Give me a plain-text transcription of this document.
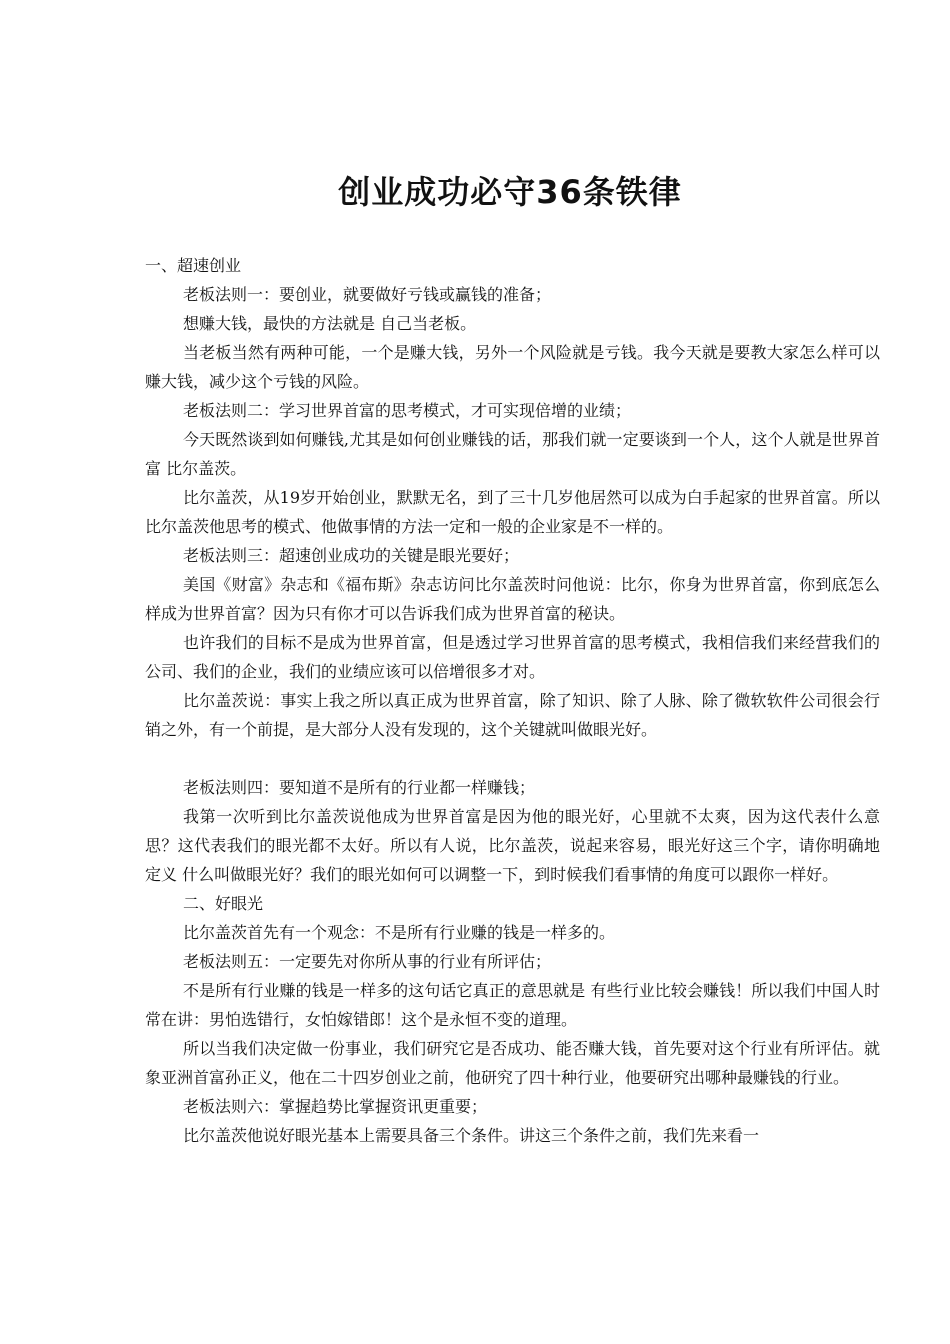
创业成功必守36条铁律

一、超速创业

老板法则一：要创业，就要做好亏钱或赢钱的准备；

想赚大钱，最快的方法就是 自己当老板。

当老板当然有两种可能，一个是赚大钱，另外一个风险就是亏钱。我今天就是要教大家怎么样可以赚大钱，减少这个亏钱的风险。

老板法则二：学习世界首富的思考模式，才可实现倍增的业绩；

今天既然谈到如何赚钱,尤其是如何创业赚钱的话，那我们就一定要谈到一个人，这个人就是世界首富 比尔盖茨。

比尔盖茨，从19岁开始创业，默默无名，到了三十几岁他居然可以成为白手起家的世界首富。所以比尔盖茨他思考的模式、他做事情的方法一定和一般的企业家是不一样的。

老板法则三：超速创业成功的关键是眼光要好；

美国《财富》杂志和《福布斯》杂志访问比尔盖茨时问他说：比尔，你身为世界首富，你到底怎么样成为世界首富？因为只有你才可以告诉我们成为世界首富的秘诀。

也许我们的目标不是成为世界首富，但是透过学习世界首富的思考模式，我相信我们来经营我们的公司、我们的企业，我们的业绩应该可以倍增很多才对。

比尔盖茨说：事实上我之所以真正成为世界首富，除了知识、除了人脉、除了微软软件公司很会行销之外，有一个前提，是大部分人没有发现的，这个关键就叫做眼光好。

老板法则四：要知道不是所有的行业都一样赚钱；

我第一次听到比尔盖茨说他成为世界首富是因为他的眼光好，心里就不太爽，因为这代表什么意思？这代表我们的眼光都不太好。所以有人说，比尔盖茨，说起来容易，眼光好这三个字，请你明确地定义 什么叫做眼光好？我们的眼光如何可以调整一下，到时候我们看事情的角度可以跟你一样好。

二、好眼光

比尔盖茨首先有一个观念：不是所有行业赚的钱是一样多的。

老板法则五：一定要先对你所从事的行业有所评估；

不是所有行业赚的钱是一样多的这句话它真正的意思就是 有些行业比较会赚钱！所以我们中国人时常在讲：男怕选错行，女怕嫁错郎！这个是永恒不变的道理。

所以当我们决定做一份事业，我们研究它是否成功、能否赚大钱，首先要对这个行业有所评估。就象亚洲首富孙正义，他在二十四岁创业之前，他研究了四十种行业，他要研究出哪种最赚钱的行业。

老板法则六：掌握趋势比掌握资讯更重要；

比尔盖茨他说好眼光基本上需要具备三个条件。讲这三个条件之前，我们先来看一
